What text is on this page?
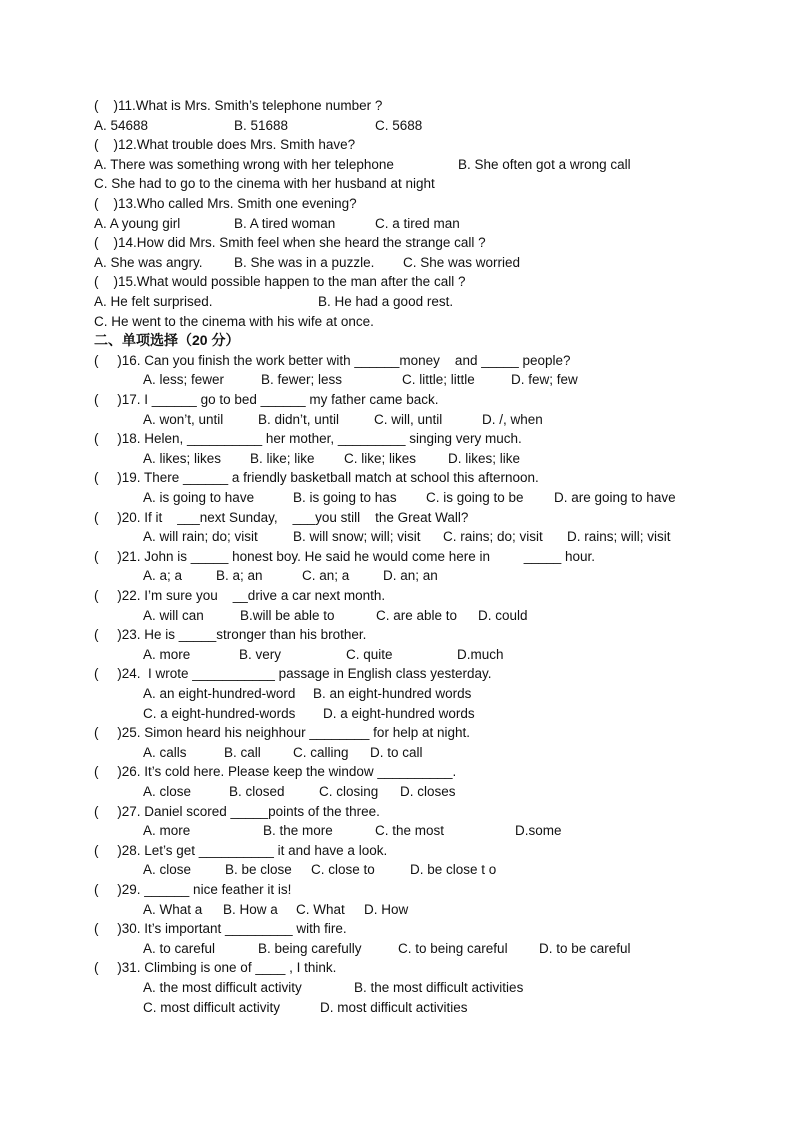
(    )11.What is Mrs. Smith’s telephone number ?
A. 54688	B. 51688	C. 5688
(    )12.What trouble does Mrs. Smith have?
A. There was something wrong with her telephone	B. She often got a wrong call
C. She had to go to the cinema with her husband at night
(    )13.Who called Mrs. Smith one evening?
A. A young girl	B. A tired woman	C. a tired man
(    )14.How did Mrs. Smith feel when she heard the strange call ?
A. She was angry. B. She was in a puzzle. C. She was worried
(    )15.What would possible happen to the man after the call ?
A. He felt surprised.	B. He had a good rest.
C. He went to the cinema with his wife at once.
二、单项选择（20 分）
(     )16. Can you finish the work better with ______money    and _____ people?
A. less; fewer	B. fewer; less	C. little; little	D. few; few
(     )17. I ______ go to bed ______ my father came back.
A. won’t, until	B. didn’t, until	C. will, until	D. /, when
(     )18. Helen, __________ her mother, _________ singing very much.
A. likes; likes B. like; like C. like; likes D. likes; like
(     )19. There ______ a friendly basketball match at school this afternoon.
A. is going to have	B. is going to has C. is going to be D. are going to have
(     )20. If it    ___next Sunday,    ___you still    the Great Wall?
A. will rain; do; visit	B. will snow; will; visit C. rains; do; visit D. rains; will; visit
(     )21. John is _____ honest boy. He said he would come here in         _____ hour.
A. a; a	B. a; an	C. an; a D. an; an
(     )22. I’m sure you    __drive a car next month.
A. will can	B.will be able to	C. are able to D. could
(     )23. He is _____stronger than his brother.
A. more	B. very	C. quite	D.much
(     )24.  I wrote ___________ passage in English class yesterday.
A. an eight-hundred-word B. an eight-hundred words
C. a eight-hundred-words D. a eight-hundred words
(     )25. Simon heard his neighhour ________ for help at night.
A. calls	B. call C. calling D. to call
(     )26. It’s cold here. Please keep the window __________.
A. close	B. closed	C. closing D. closes
(     )27. Daniel scored _____points of the three.
A. more	B. the more	C. the most	D.some
(     )28. Let’s get __________ it and have a look.
A. close	B. be close C. close to	D. be close t o
(     )29. ______ nice feather it is!
A. What a B. How a C. What D. How
(     )30. It’s important _________ with fire.
A. to careful	B. being carefully	C. to being careful D. to be careful
(     )31. Climbing is one of ____ , I think.
A. the most difficult activity	B. the most difficult activities
C. most difficult activity	D. most difficult activities
